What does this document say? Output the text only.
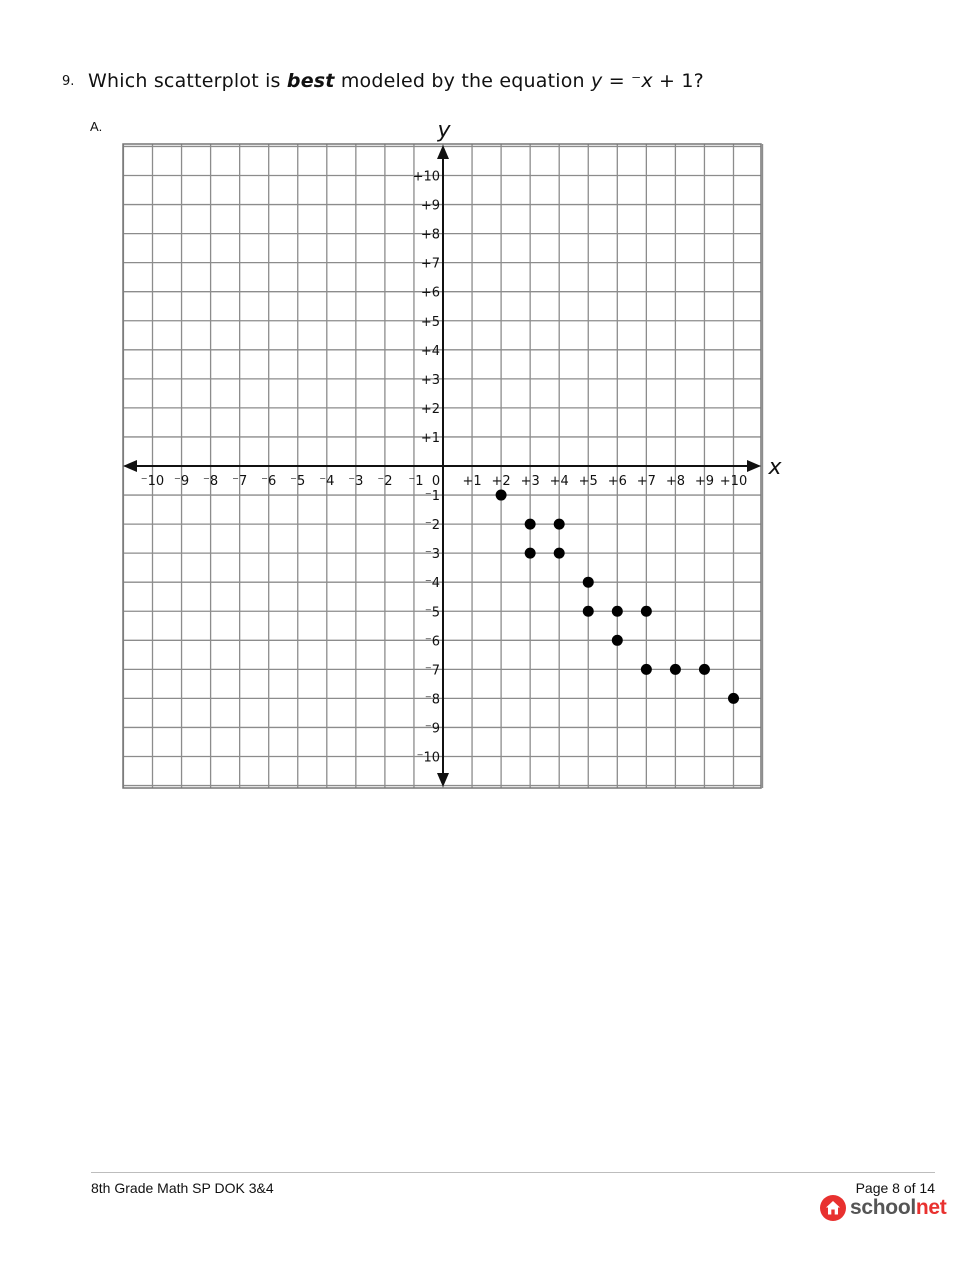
9. Which scatterplot is best modeled by the equation y = ⁻x + 1?
A.
x
y
⁻10 ⁻9 ⁻8 ⁻7 ⁻6 ⁻5 ⁻4 ⁻3 ⁻2 ⁻1 0 +1 +2 +3 +4 +5 +6 +7 +8 +9 +10
+1
+2
+3
+4
+5
+6
+7
+8
+9
+10
⁻1
⁻2
⁻3
⁻4
⁻5
⁻6
⁻7
⁻8
⁻9
⁻10
8th Grade Math SP DOK 3&4	Page 8 of 14
schoolnet
